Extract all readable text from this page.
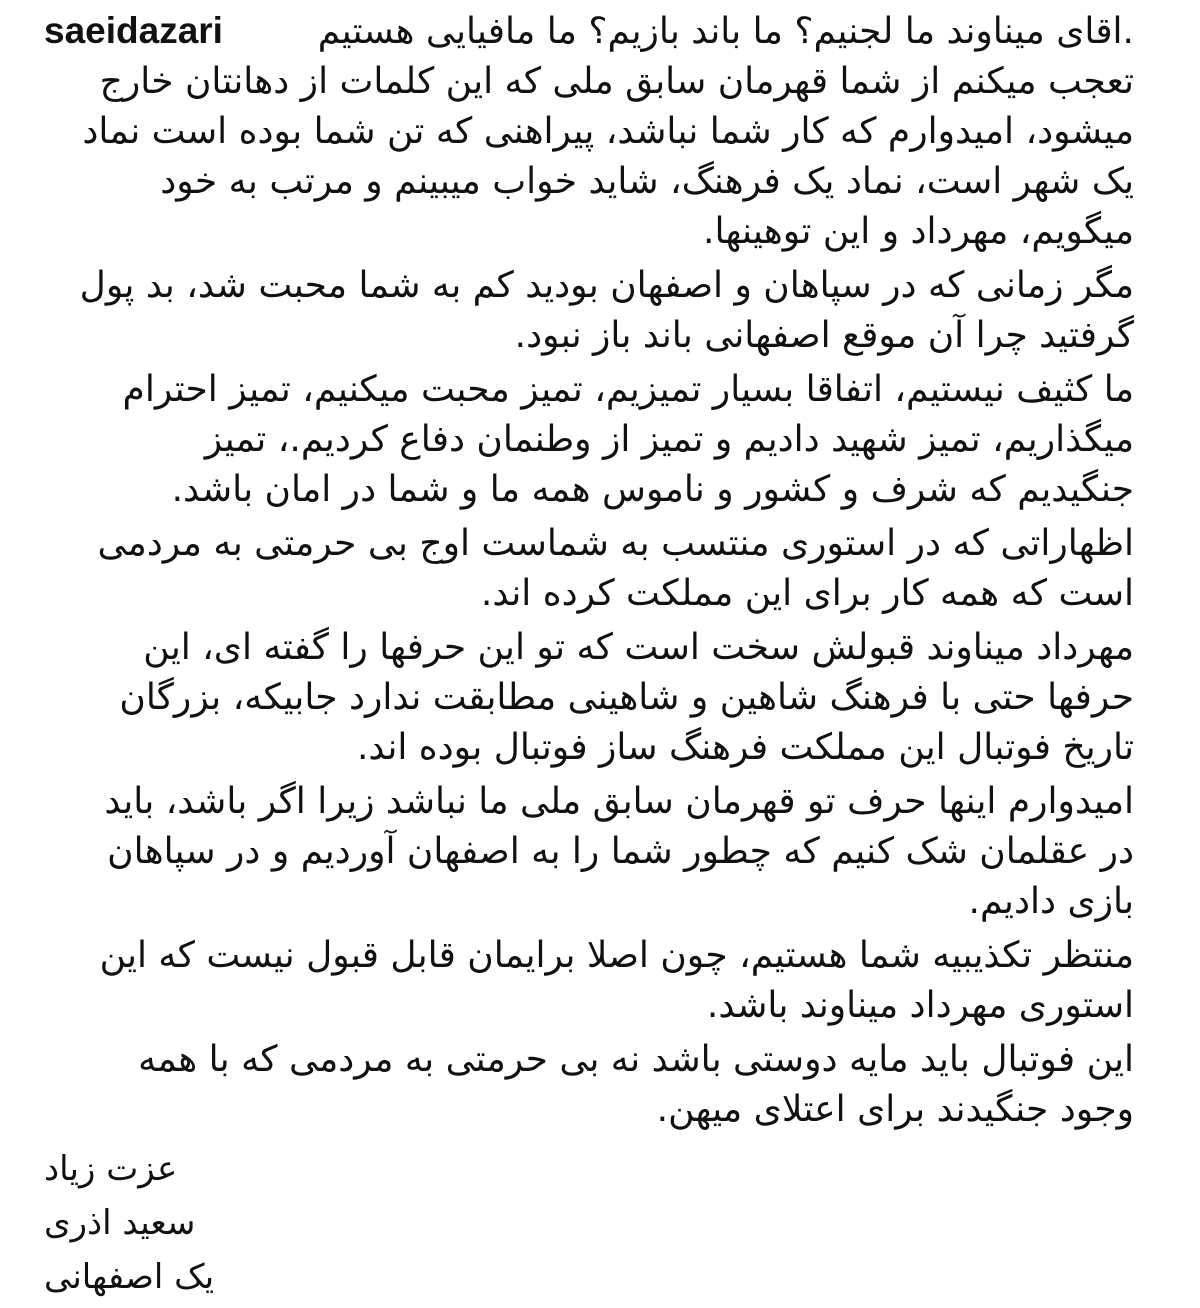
saeidazari	.اقای میناوند ما لجنیم؟ ما باند بازیم؟ ما مافیایی هستیم
تعجب میکنم از شما قهرمان سابق ملی که این کلمات از دهانتان خارج
میشود، امیدوارم که کار شما نباشد، پیراهنی که تن شما بوده است نماد
یک شهر است، نماد یک فرهنگ، شاید خواب میبینم و مرتب به خود
میگویم، مهرداد و این توهینها.
مگر زمانی که در سپاهان و اصفهان بودید کم به شما محبت شد، بد پول
گرفتید چرا آن موقع اصفهانی باند باز نبود.
ما کثیف نیستیم، اتفاقا بسیار تمیزیم، تمیز محبت میکنیم، تمیز احترام
میگذاریم، تمیز شهید دادیم و تمیز از وطنمان دفاع کردیم.، تمیز
جنگیدیم که شرف و کشور و ناموس همه ما و شما در امان باشد.
اظهاراتی که در استوری منتسب به شماست اوج بی حرمتی به مردمی
است که همه کار برای این مملکت کرده اند.
مهرداد میناوند قبولش سخت است که تو این حرفها را گفته ای، این
حرفها حتی با فرهنگ شاهین و شاهینی مطابقت ندارد جابیکه، بزرگان
تاریخ فوتبال این مملکت فرهنگ ساز فوتبال بوده اند.
امیدوارم اینها حرف تو قهرمان سابق ملی ما نباشد زیرا اگر باشد، باید
در عقلمان شک کنیم که چطور شما را به اصفهان آوردیم و در سپاهان
بازی دادیم.
منتظر تکذیبیه شما هستیم، چون اصلا برایمان قابل قبول نیست که این
استوری مهرداد میناوند باشد.
این فوتبال باید مایه دوستی باشد نه بی حرمتی به مردمی که با همه
وجود جنگیدند برای اعتلای میهن.
عزت زیاد
سعید اذری
یک اصفهانی
